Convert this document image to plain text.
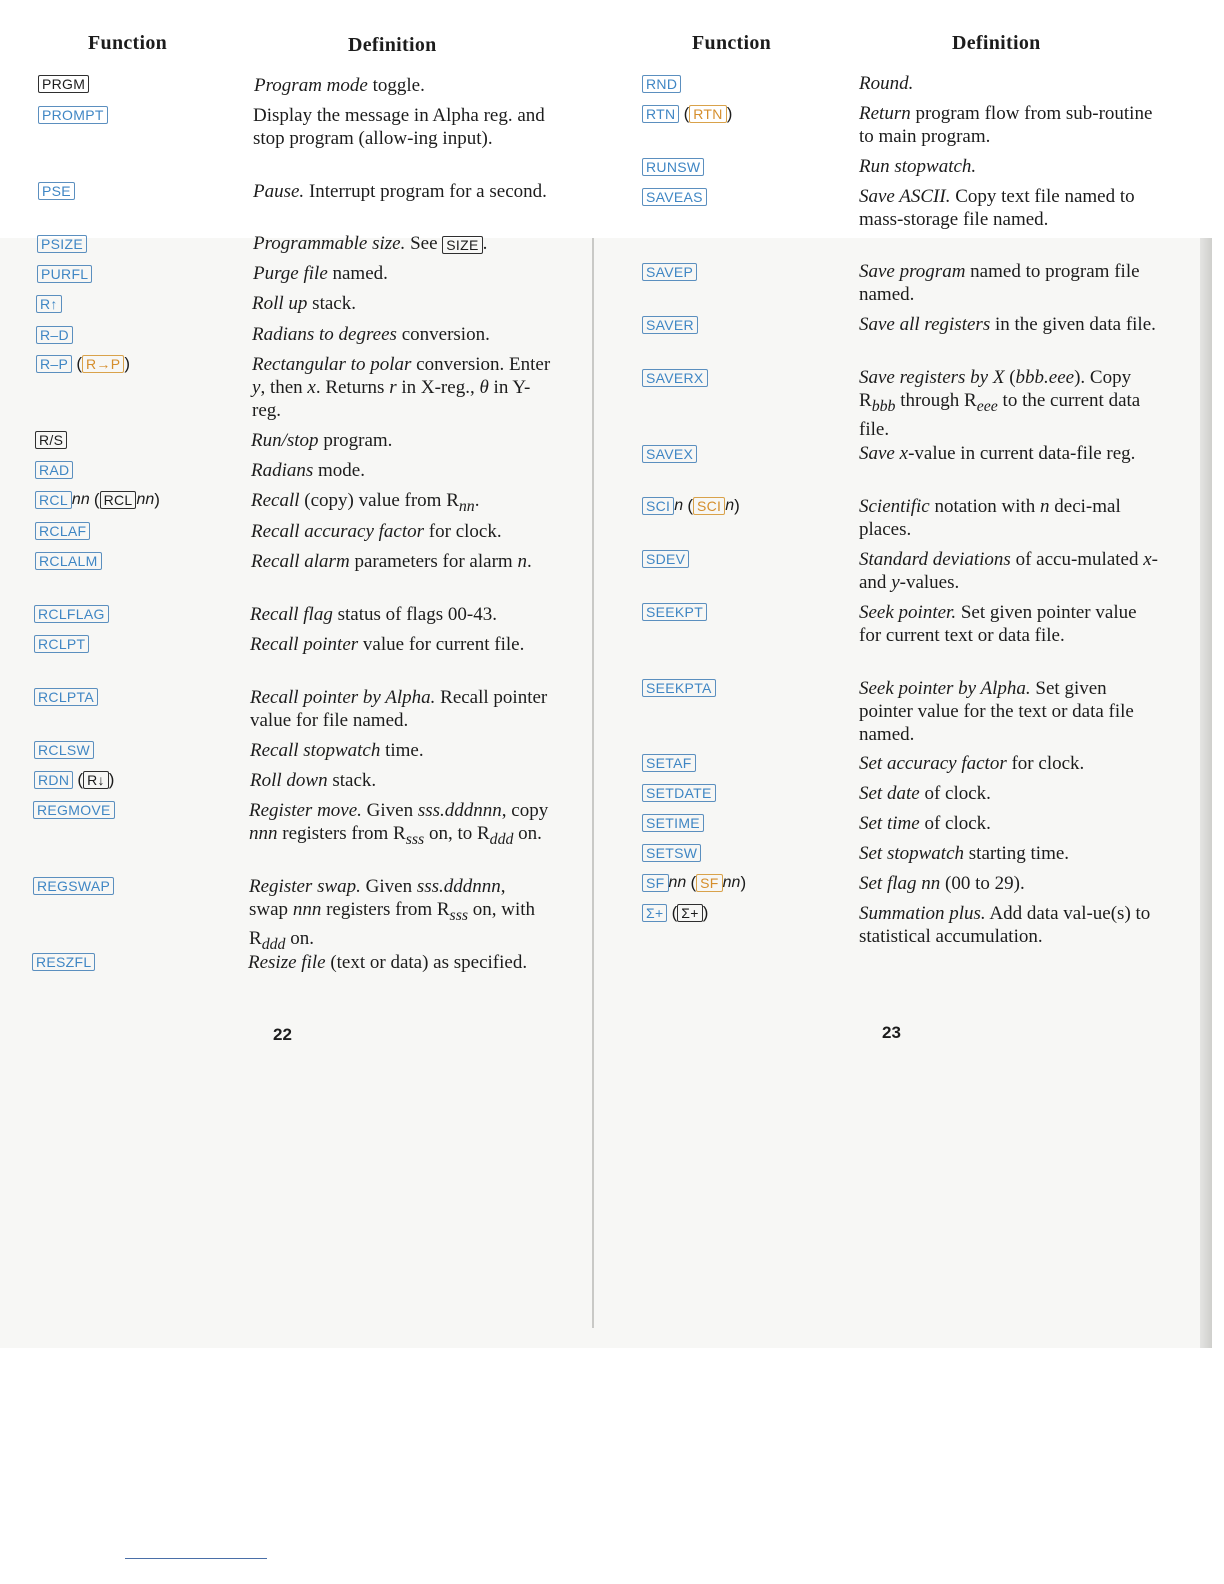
Function	Definition
PRGM	Program mode toggle.
PROMPT	Display the message in Alpha reg. and stop program (allow-ing input).
PSE	Pause. Interrupt program for a second.
PSIZE	Programmable size. See SIZE .
PURFL	Purge file named.
R↑	Roll up stack.
R–D	Radians to degrees conversion.
R–P ( R→P )	Rectangular to polar conversion. Enter y, then x. Returns r in X-reg., θ in Y-reg.
R/S	Run/stop program.
RAD	Radians mode.
RCL nn ( RCL nn)	Recall (copy) value from $R_{nn}$.
RCLAF	Recall accuracy factor for clock.
RCLALM	Recall alarm parameters for alarm n.
RCLFLAG	Recall flag status of flags 00-43.
RCLPT	Recall pointer value for current file.
RCLPTA	Recall pointer by Alpha. Recall pointer value for file named.
RCLSW	Recall stopwatch time.
RDN ( R↓ )	Roll down stack.
REGMOVE	Register move. Given sss.dddnnn, copy nnn registers from $R_{sss}$ on, to $R_{ddd}$ on.
REGSWAP	Register swap. Given sss.dddnnn, swap nnn registers from $R_{sss}$ on, with $R_{ddd}$ on.
RESZFL	Resize file (text or data) as specified.
22
Function	Definition
RND	Round.
RTN ( RTN )	Return program flow from sub-routine to main program.
RUNSW	Run stopwatch.
SAVEAS	Save ASCII. Copy text file named to mass-storage file named.
SAVEP	Save program named to program file named.
SAVER	Save all registers in the given data file.
SAVERX	Save registers by X (bbb.eee). Copy $R_{bbb}$ through $R_{eee}$ to the current data file.
SAVEX	Save x-value in current data-file reg.
SCI n ( SCI n)	Scientific notation with n deci-mal places.
SDEV	Standard deviations of accu-mulated x- and y-values.
SEEKPT	Seek pointer. Set given pointer value for current text or data file.
SEEKPTA	Seek pointer by Alpha. Set given pointer value for the text or data file named.
SETAF	Set accuracy factor for clock.
SETDATE	Set date of clock.
SETIME	Set time of clock.
SETSW	Set stopwatch starting time.
SF nn ( SF nn)	Set flag nn (00 to 29).
Σ+ ( Σ+ )	Summation plus. Add data val-ue(s) to statistical accumulation.
23
